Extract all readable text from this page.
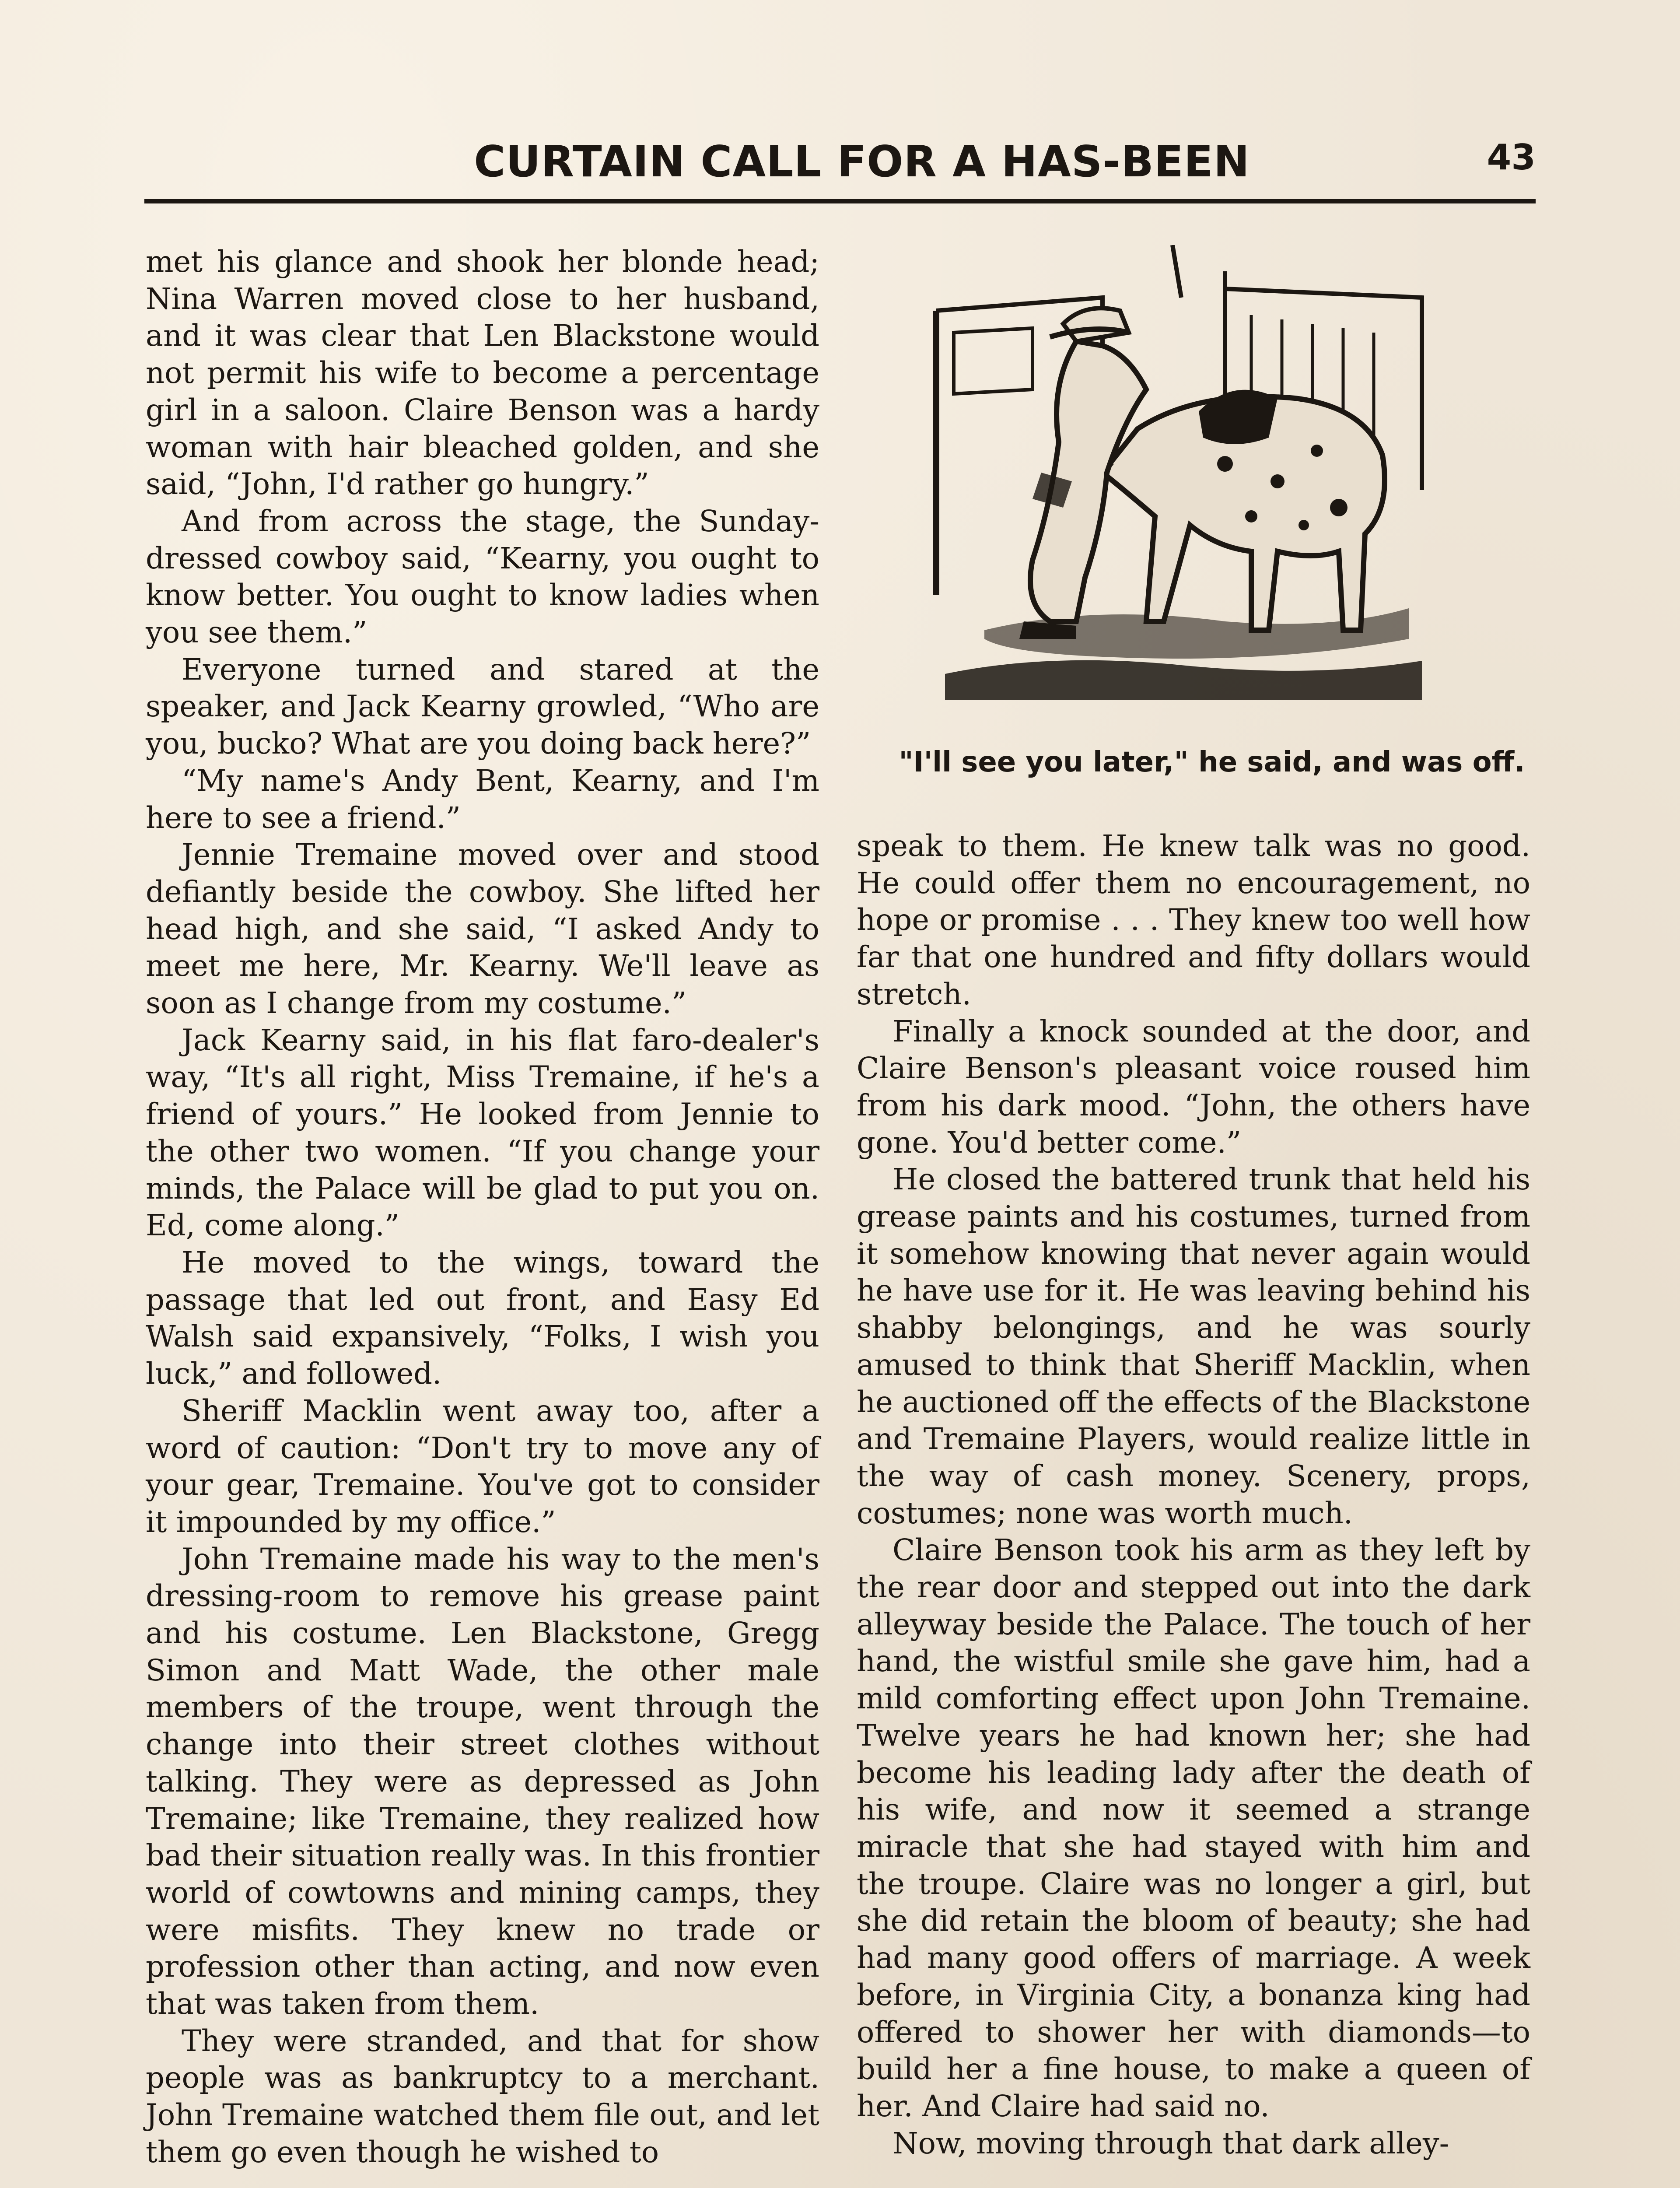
CURTAIN CALL FOR A HAS-BEEN	43

met his glance and shook her blonde head; Nina Warren moved close to her husband, and it was clear that Len Blackstone would not permit his wife to become a percentage girl in a saloon. Claire Benson was a hardy woman with hair bleached golden, and she said, “John, I'd rather go hungry.”

And from across the stage, the Sunday-dressed cowboy said, “Kearny, you ought to know better. You ought to know ladies when you see them.”

Everyone turned and stared at the speaker, and Jack Kearny growled, “Who are you, bucko? What are you doing back here?”

“My name's Andy Bent, Kearny, and I'm here to see a friend.”

Jennie Tremaine moved over and stood defiantly beside the cowboy. She lifted her head high, and she said, “I asked Andy to meet me here, Mr. Kearny. We'll leave as soon as I change from my costume.”

Jack Kearny said, in his flat faro-dealer's way, “It's all right, Miss Tremaine, if he's a friend of yours.” He looked from Jennie to the other two women. “If you change your minds, the Palace will be glad to put you on. Ed, come along.”

He moved to the wings, toward the passage that led out front, and Easy Ed Walsh said expansively, “Folks, I wish you luck,” and followed.

Sheriff Macklin went away too, after a word of caution: “Don't try to move any of your gear, Tremaine. You've got to consider it impounded by my office.”

John Tremaine made his way to the men's dressing-room to remove his grease paint and his costume. Len Blackstone, Gregg Simon and Matt Wade, the other male members of the troupe, went through the change into their street clothes without talking. They were as depressed as John Tremaine; like Tremaine, they realized how bad their situation really was. In this frontier world of cowtowns and mining camps, they were misfits. They knew no trade or profession other than acting, and now even that was taken from them.

They were stranded, and that for show people was as bankruptcy to a merchant. John Tremaine watched them file out, and let them go even though he wished to

"I'll see you later," he said, and was off.

speak to them. He knew talk was no good. He could offer them no encouragement, no hope or promise . . . They knew too well how far that one hundred and fifty dollars would stretch.

Finally a knock sounded at the door, and Claire Benson's pleasant voice roused him from his dark mood. “John, the others have gone. You'd better come.”

He closed the battered trunk that held his grease paints and his costumes, turned from it somehow knowing that never again would he have use for it. He was leaving behind his shabby belongings, and he was sourly amused to think that Sheriff Macklin, when he auctioned off the effects of the Blackstone and Tremaine Players, would realize little in the way of cash money. Scenery, props, costumes; none was worth much.

Claire Benson took his arm as they left by the rear door and stepped out into the dark alleyway beside the Palace. The touch of her hand, the wistful smile she gave him, had a mild comforting effect upon John Tremaine. Twelve years he had known her; she had become his leading lady after the death of his wife, and now it seemed a strange miracle that she had stayed with him and the troupe. Claire was no longer a girl, but she did retain the bloom of beauty; she had had many good offers of marriage. A week before, in Virginia City, a bonanza king had offered to shower her with diamonds—to build her a fine house, to make a queen of her. And Claire had said no.

Now, moving through that dark alley-
